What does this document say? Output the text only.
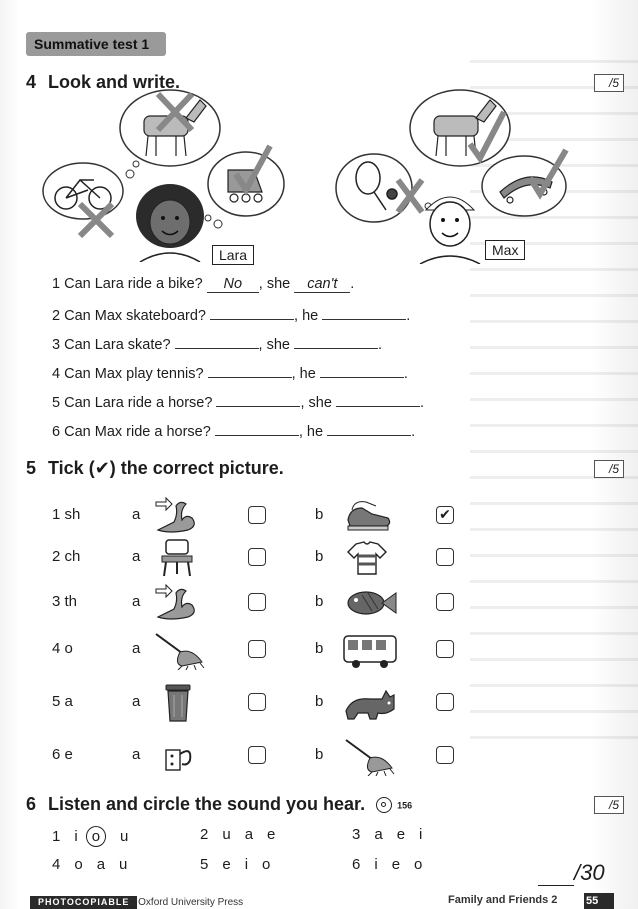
Summative test 1
4 Look and write.	/5
Lara	Max
1 Can Lara ride a bike? No , she can't .
2 Can Max skateboard?	, he	.
3 Can Lara skate?	, she	.
4 Can Max play tennis?	, he	.
5 Can Lara ride a horse?	, she	.
6 Can Max ride a horse?	, he	.
5 Tick (✔) the correct picture.	/5
1 sh	a	b	✔
2 ch	a	b
3 th	a	b
4 o	a	b
5 a	a	b
6 e	a	b
6 Listen and circle the sound you hear.	156	/5
1 i o u	2 u a e	3 a e i
4 o a u	5 e i o	6 i e o	/30
PHOTOCOPIABLE
© Oxford University Press	Family and Friends 2	55
